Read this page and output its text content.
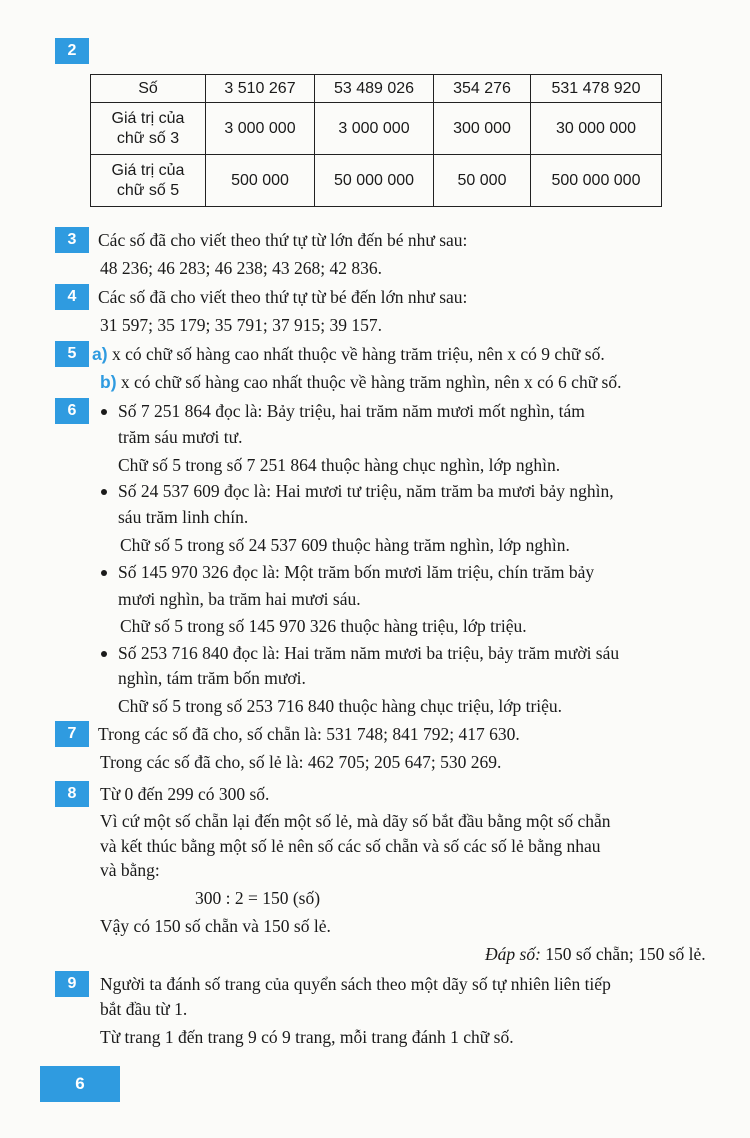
2
Số	3 510 267	53 489 026	354 276	531 478 920

Giá trị của chữ số 3	3 000 000	3 000 000	300 000	30 000 000

Giá trị của chữ số 5	500 000	50 000 000	50 000	500 000 000
3	Các số đã cho viết theo thứ tự từ lớn đến bé như sau:
48 236; 46 283; 46 238; 43 268; 42 836.
4	Các số đã cho viết theo thứ tự từ bé đến lớn như sau:
31 597; 35 179; 35 791; 37 915; 39 157.
5 a) x có chữ số hàng cao nhất thuộc về hàng trăm triệu, nên x có 9 chữ số.
b) x có chữ số hàng cao nhất thuộc về hàng trăm nghìn, nên x có 6 chữ số.
6	Số 7 251 864 đọc là: Bảy triệu, hai trăm năm mươi mốt nghìn, tám
trăm sáu mươi tư.
Chữ số 5 trong số 7 251 864 thuộc hàng chục nghìn, lớp nghìn.
Số 24 537 609 đọc là: Hai mươi tư triệu, năm trăm ba mươi bảy nghìn,
sáu trăm linh chín.
Chữ số 5 trong số 24 537 609 thuộc hàng trăm nghìn, lớp nghìn.
Số 145 970 326 đọc là: Một trăm bốn mươi lăm triệu, chín trăm bảy
mươi nghìn, ba trăm hai mươi sáu.
Chữ số 5 trong số 145 970 326 thuộc hàng triệu, lớp triệu.
Số 253 716 840 đọc là: Hai trăm năm mươi ba triệu, bảy trăm mười sáu
nghìn, tám trăm bốn mươi.
Chữ số 5 trong số 253 716 840 thuộc hàng chục triệu, lớp triệu.
7	Trong các số đã cho, số chẵn là: 531 748; 841 792; 417 630.
Trong các số đã cho, số lẻ là: 462 705; 205 647; 530 269.
8	Từ 0 đến 299 có 300 số.
Vì cứ một số chẵn lại đến một số lẻ, mà dãy số bắt đầu bằng một số chẵn
và kết thúc bằng một số lẻ nên số các số chẵn và số các số lẻ bằng nhau
và bằng:
300 : 2 = 150 (số)
Vậy có 150 số chẵn và 150 số lẻ.
Đáp số: 150 số chẵn; 150 số lẻ.
9	Người ta đánh số trang của quyển sách theo một dãy số tự nhiên liên tiếp
bắt đầu từ 1.
Từ trang 1 đến trang 9 có 9 trang, mỗi trang đánh 1 chữ số.
6
